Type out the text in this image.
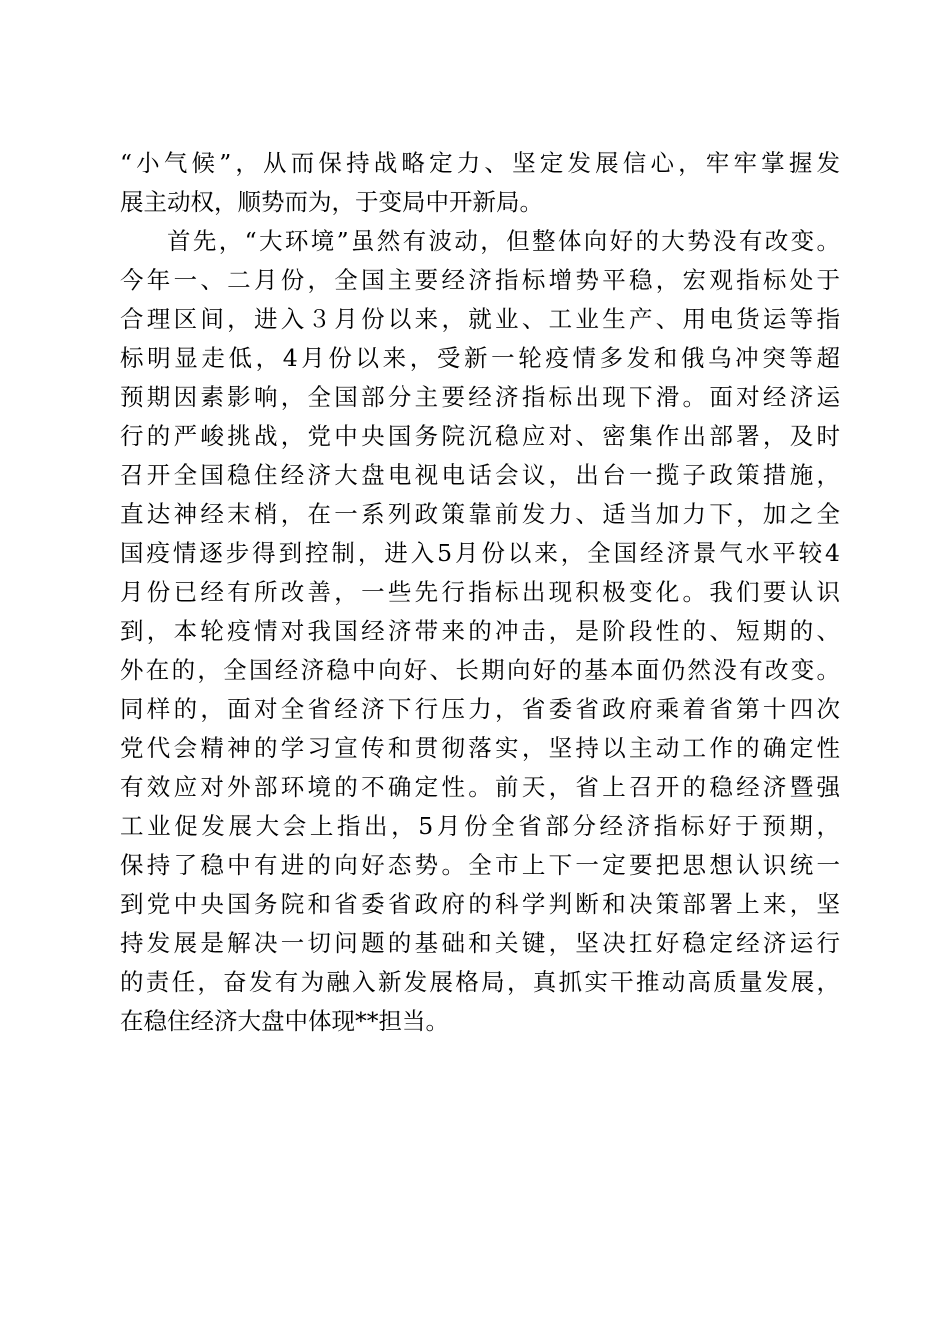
“小气候”，从而保持战略定力、坚定发展信心，牢牢掌握发
展主动权，顺势而为，于变局中开新局。
首先，“大环境”虽然有波动，但整体向好的大势没有改变。
今年一、二月份，全国主要经济指标增势平稳，宏观指标处于
合理区间，进入３月份以来，就业、工业生产、用电货运等指
标明显走低，4月份以来，受新一轮疫情多发和俄乌冲突等超
预期因素影响，全国部分主要经济指标出现下滑。面对经济运
行的严峻挑战，党中央国务院沉稳应对、密集作出部署，及时
召开全国稳住经济大盘电视电话会议，出台一揽子政策措施，
直达神经末梢，在一系列政策靠前发力、适当加力下，加之全
国疫情逐步得到控制，进入5月份以来，全国经济景气水平较4
月份已经有所改善，一些先行指标出现积极变化。我们要认识
到，本轮疫情对我国经济带来的冲击，是阶段性的、短期的、
外在的，全国经济稳中向好、长期向好的基本面仍然没有改变。
同样的，面对全省经济下行压力，省委省政府乘着省第十四次
党代会精神的学习宣传和贯彻落实，坚持以主动工作的确定性
有效应对外部环境的不确定性。前天，省上召开的稳经济暨强
工业促发展大会上指出，5月份全省部分经济指标好于预期，
保持了稳中有进的向好态势。全市上下一定要把思想认识统一
到党中央国务院和省委省政府的科学判断和决策部署上来，坚
持发展是解决一切问题的基础和关键，坚决扛好稳定经济运行
的责任，奋发有为融入新发展格局，真抓实干推动高质量发展，
在稳住经济大盘中体现**担当。
